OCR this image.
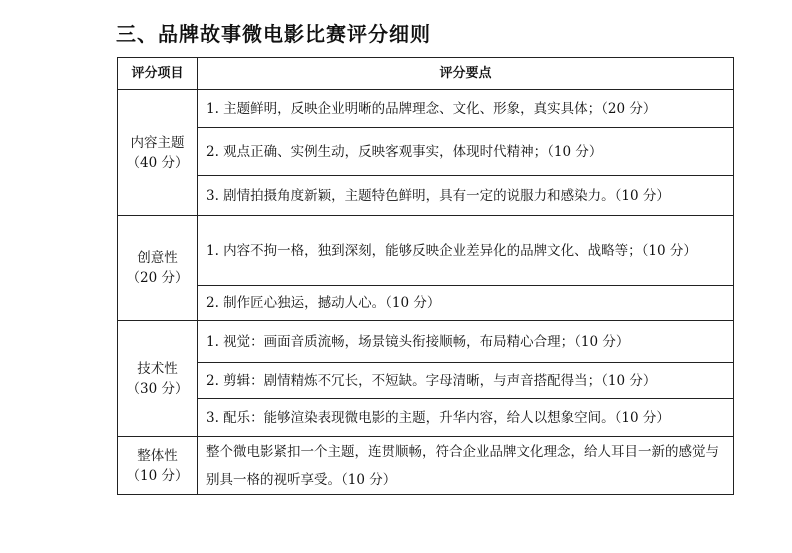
三、品牌故事微电影比赛评分细则
评分项目	评分要点

内容主题
（40 分）	1. 主题鲜明，反映企业明晰的品牌理念、文化、形象，真实具体；（20 分）
	2. 观点正确、实例生动，反映客观事实，体现时代精神；（10 分）
	3. 剧情拍摄角度新颖，主题特色鲜明，具有一定的说服力和感染力。（10 分）

创意性
（20 分）	1. 内容不拘一格，独到深刻，能够反映企业差异化的品牌文化、战略等；（10 分）
	2. 制作匠心独运，撼动人心。（10 分）

技术性
（30 分）	1. 视觉：画面音质流畅，场景镜头衔接顺畅，布局精心合理；（10 分）
	2. 剪辑：剧情精炼不冗长，不短缺。字母清晰，与声音搭配得当；（10 分）
	3. 配乐：能够渲染表现微电影的主题，升华内容，给人以想象空间。（10 分）

整体性
（10 分）	整个微电影紧扣一个主题，连贯顺畅，符合企业品牌文化理念，给人耳目一新的感觉与别具一格的视听享受。（10 分）
